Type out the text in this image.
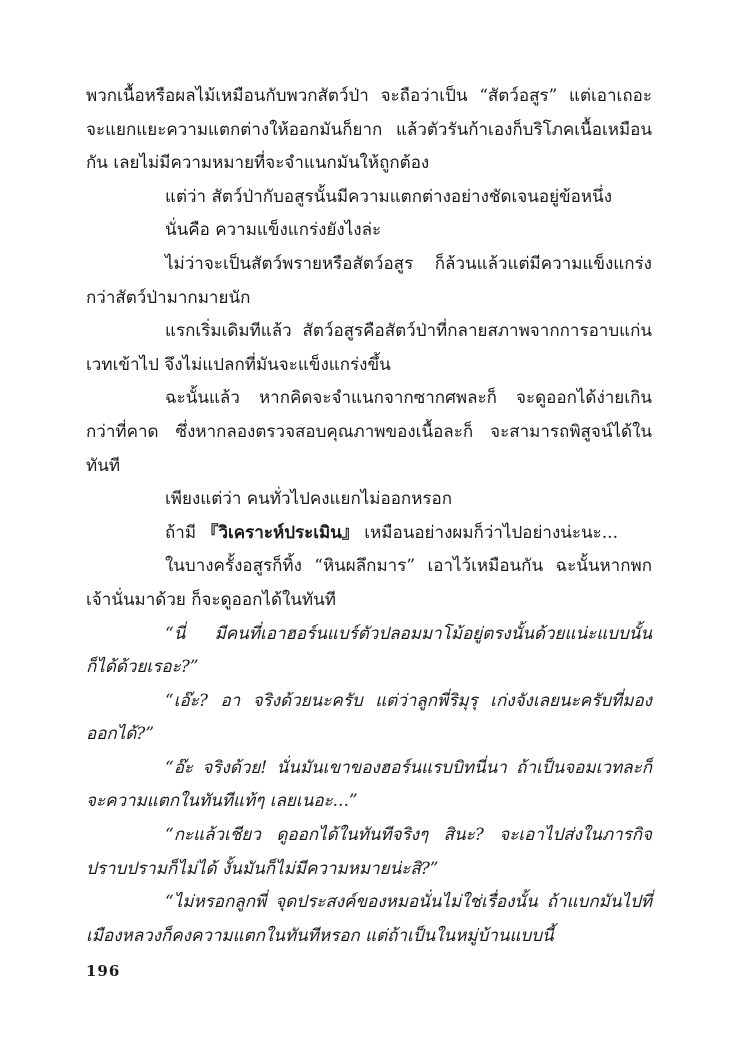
พวกเนื้อหรือผลไม้เหมือนกับพวกสัตว์ป่า จะถือว่าเป็น “สัตว์อสูร” แต่เอาเถอะ จะแยกแยะความแตกต่างให้ออกมันก็ยาก แล้วตัวรันก้าเองก็บริโภคเนื้อเหมือนกัน เลยไม่มีความหมายที่จะจำแนกมันให้ถูกต้อง

แต่ว่า สัตว์ป่ากับอสูรนั้นมีความแตกต่างอย่างชัดเจนอยู่ข้อหนึ่ง

นั่นคือ ความแข็งแกร่งยังไงล่ะ

ไม่ว่าจะเป็นสัตว์พรายหรือสัตว์อสูร ก็ล้วนแล้วแต่มีความแข็งแกร่งกว่าสัตว์ป่ามากมายนัก

แรกเริ่มเดิมทีแล้ว สัตว์อสูรคือสัตว์ป่าที่กลายสภาพจากการอาบแก่นเวทเข้าไป จึงไม่แปลกที่มันจะแข็งแกร่งขึ้น

ฉะนั้นแล้ว หากคิดจะจำแนกจากซากศพละก็ จะดูออกได้ง่ายเกินกว่าที่คาด ซึ่งหากลองตรวจสอบคุณภาพของเนื้อละก็ จะสามารถพิสูจน์ได้ในทันที

เพียงแต่ว่า คนทั่วไปคงแยกไม่ออกหรอก

ถ้ามี 『วิเคราะห์ประเมิน』 เหมือนอย่างผมก็ว่าไปอย่างน่ะนะ...

ในบางครั้งอสูรก็ทิ้ง “หินผลึกมาร” เอาไว้เหมือนกัน ฉะนั้นหากพกเจ้านั่นมาด้วย ก็จะดูออกได้ในทันที

“นี่ มีคนที่เอาฮอร์นแบร์ตัวปลอมมาโม้อยู่ตรงนั้นด้วยแน่ะแบบนั้นก็ได้ด้วยเรอะ?”

“เอ๊ะ? อา จริงด้วยนะครับ แต่ว่าลูกพี่ริมุรุ เก่งจังเลยนะครับที่มองออกได้?”

“อ๊ะ จริงด้วย! นั่นมันเขาของฮอร์นแรบบิทนี่นา ถ้าเป็นจอมเวทละก็จะความแตกในทันทีแท้ๆ เลยเนอะ...”

“กะแล้วเชียว ดูออกได้ในทันทีจริงๆ สินะ? จะเอาไปส่งในภารกิจปราบปรามก็ไม่ได้ งั้นมันก็ไม่มีความหมายน่ะสิ?”

“ไม่หรอกลูกพี่ จุดประสงค์ของหมอนั่นไม่ใช่เรื่องนั้น ถ้าแบกมันไปที่เมืองหลวงก็คงความแตกในทันทีหรอก แต่ถ้าเป็นในหมู่บ้านแบบนี้

196
